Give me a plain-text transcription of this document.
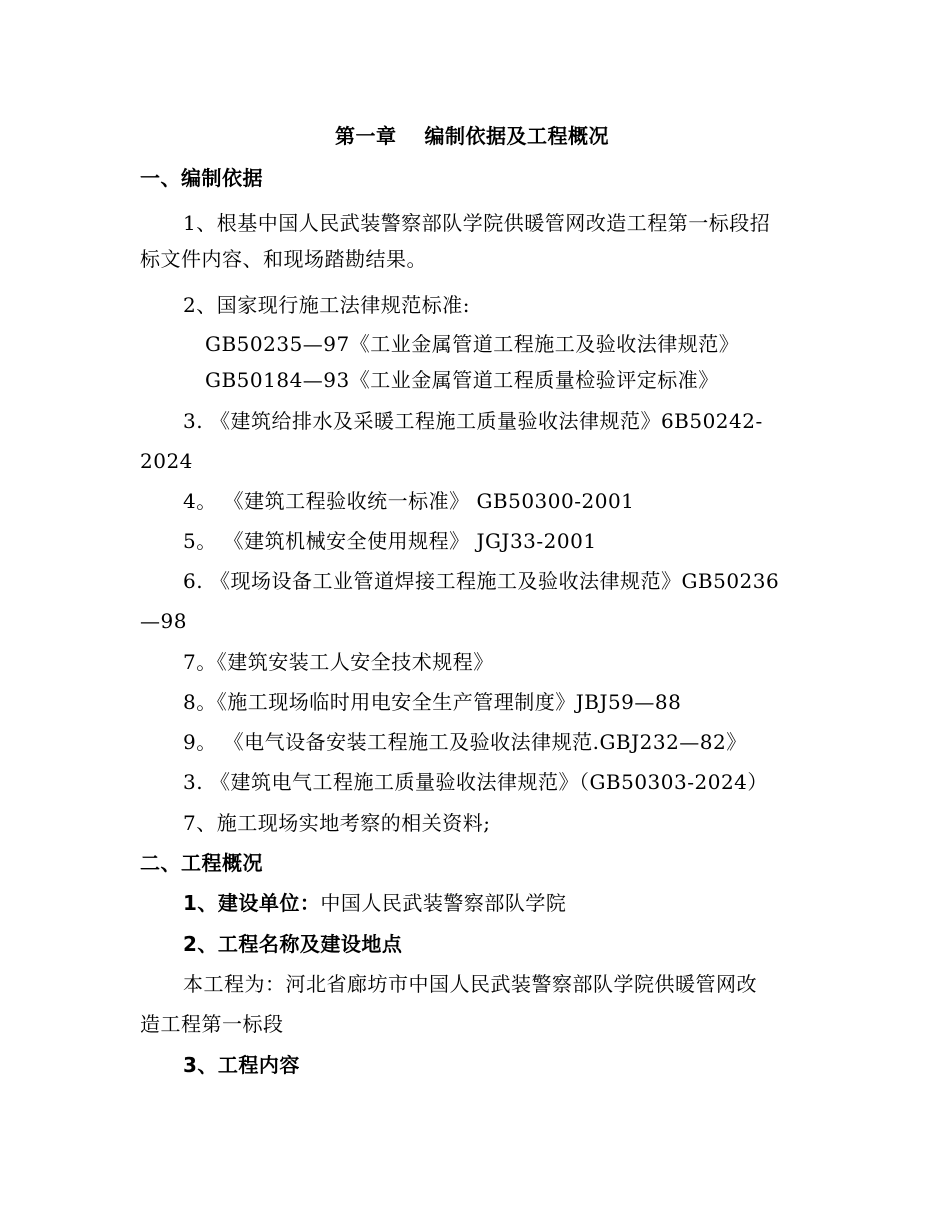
第一章　 编制依据及工程概况
一、编制依据
1、根基中国人民武装警察部队学院供暖管网改造工程第一标段招
标文件内容、和现场踏勘结果。
2、国家现行施工法律规范标准:
GB50235—97《工业金属管道工程施工及验收法律规范》
GB50184—93《工业金属管道工程质量检验评定标准》
3. 《建筑给排水及采暖工程施工质量验收法律规范》6B50242-
2024
4。 《建筑工程验收统一标准》 GB50300-2001
5。 《建筑机械安全使用规程》 JGJ33-2001
6. 《现场设备工业管道焊接工程施工及验收法律规范》GB50236
—98
7。《建筑安装工人安全技术规程》
8。《施工现场临时用电安全生产管理制度》JBJ59—88
9。 《电气设备安装工程施工及验收法律规范.GBJ232—82》
3. 《建筑电气工程施工质量验收法律规范》（GB50303-2024）
7、施工现场实地考察的相关资料;
二、工程概况
1、建设单位：中国人民武装警察部队学院
2、工程名称及建设地点
本工程为：河北省廊坊市中国人民武装警察部队学院供暖管网改
造工程第一标段
3、工程内容
